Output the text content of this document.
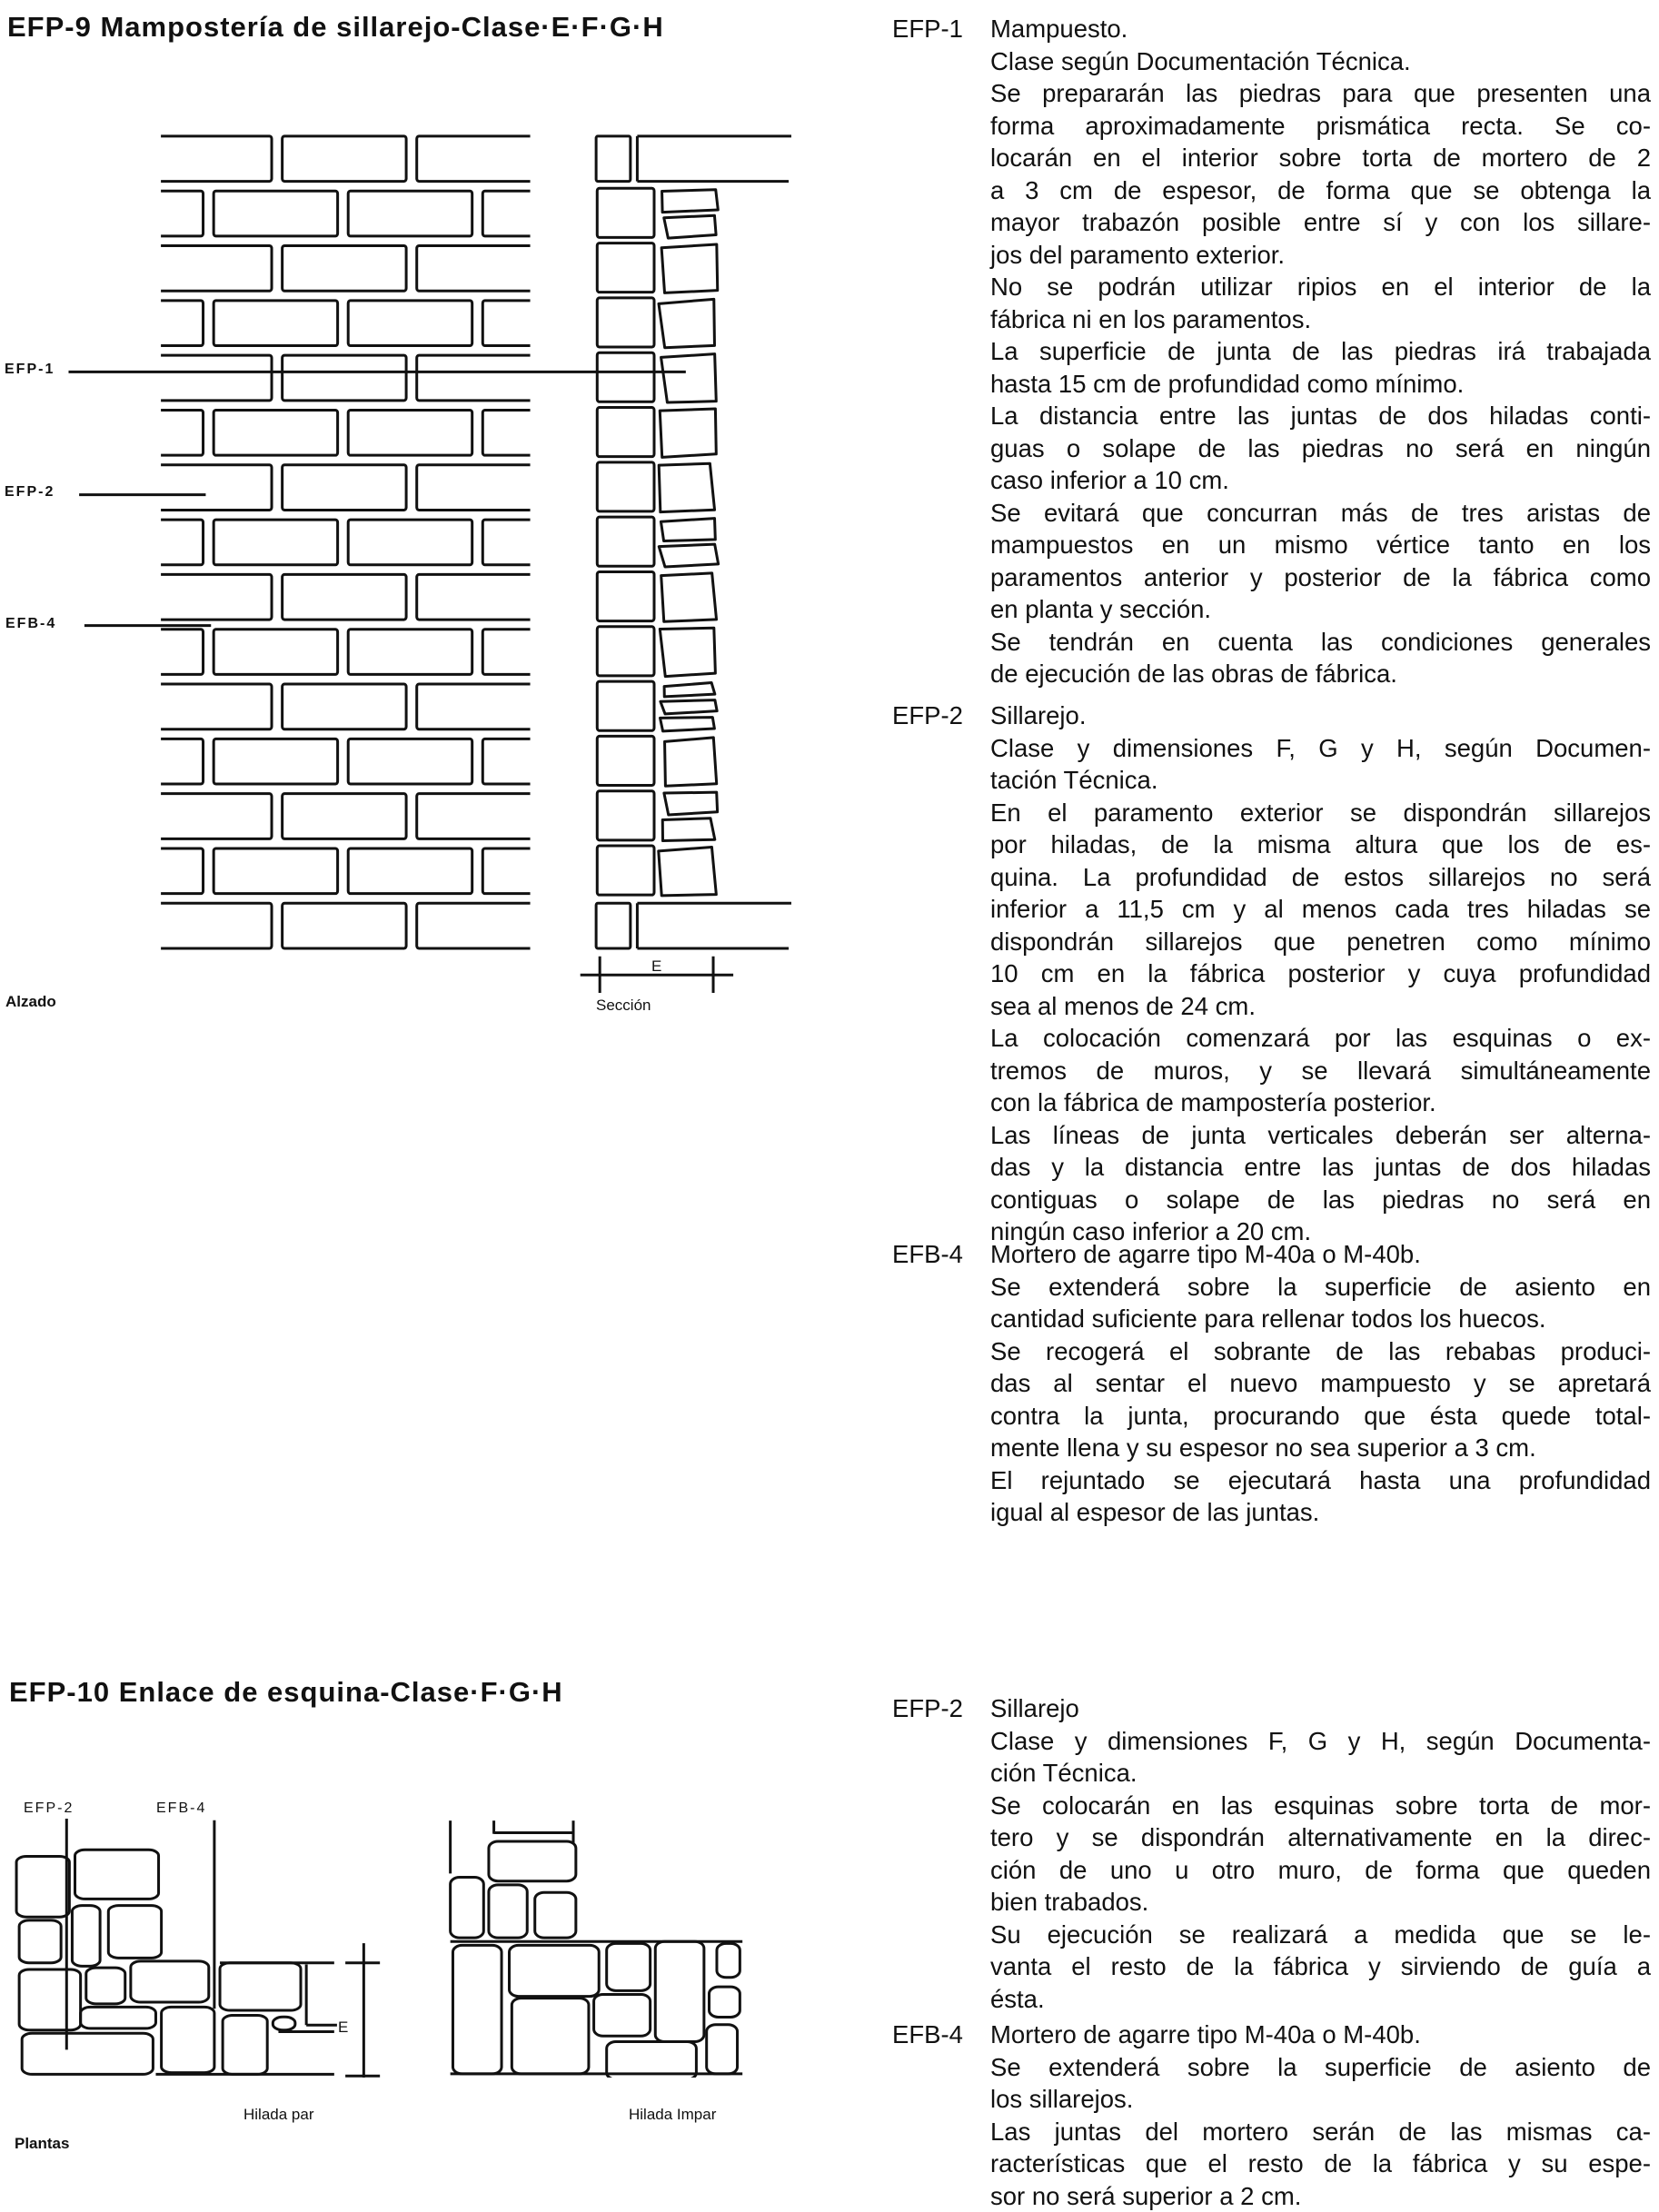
EFP-9 Mampostería de sillarejo-Clase·E·F·G·H
EFP-1
EFP-2
EFB-4
Alzado	Sección
E
EFP-10 Enlace de esquina-Clase·F·G·H
EFP-2	EFB-4
E
Hilada par	Hilada Impar
Plantas
EFP-1 Mampuesto.
Clase según Documentación Técnica.
Se prepararán las piedras para que presenten una
forma aproximadamente prismática recta. Se co-
locarán en el interior sobre torta de mortero de 2
a 3 cm de espesor, de forma que se obtenga la
mayor trabazón posible entre sí y con los sillare-
jos del paramento exterior.
No se podrán utilizar ripios en el interior de la
fábrica ni en los paramentos.
La superficie de junta de las piedras irá trabajada
hasta 15 cm de profundidad como mínimo.
La distancia entre las juntas de dos hiladas conti-
guas o solape de las piedras no será en ningún
caso inferior a 10 cm.
Se evitará que concurran más de tres aristas de
mampuestos en un mismo vértice tanto en los
paramentos anterior y posterior de la fábrica como
en planta y sección.
Se tendrán en cuenta las condiciones generales
de ejecución de las obras de fábrica.
EFP-2 Sillarejo.
Clase y dimensiones F, G y H, según Documen-
tación Técnica.
En el paramento exterior se dispondrán sillarejos
por hiladas, de la misma altura que los de es-
quina. La profundidad de estos sillarejos no será
inferior a 11,5 cm y al menos cada tres hiladas se
dispondrán sillarejos que penetren como mínimo
10 cm en la fábrica posterior y cuya profundidad
sea al menos de 24 cm.
La colocación comenzará por las esquinas o ex-
tremos de muros, y se llevará simultáneamente
con la fábrica de mampostería posterior.
Las líneas de junta verticales deberán ser alterna-
das y la distancia entre las juntas de dos hiladas
contiguas o solape de las piedras no será en
ningún caso inferior a 20 cm.
EFB-4 Mortero de agarre tipo M-40a o M-40b.
Se extenderá sobre la superficie de asiento en
cantidad suficiente para rellenar todos los huecos.
Se recogerá el sobrante de las rebabas produci-
das al sentar el nuevo mampuesto y se apretará
contra la junta, procurando que ésta quede total-
mente llena y su espesor no sea superior a 3 cm.
El rejuntado se ejecutará hasta una profundidad
igual al espesor de las juntas.
EFP-2 Sillarejo
Clase y dimensiones F, G y H, según Documenta-
ción Técnica.
Se colocarán en las esquinas sobre torta de mor-
tero y se dispondrán alternativamente en la direc-
ción de uno u otro muro, de forma que queden
bien trabados.
Su ejecución se realizará a medida que se le-
vanta el resto de la fábrica y sirviendo de guía a
ésta.
EFB-4 Mortero de agarre tipo M-40a o M-40b.
Se extenderá sobre la superficie de asiento de
los sillarejos.
Las juntas del mortero serán de las mismas ca-
racterísticas que el resto de la fábrica y su espe-
sor no será superior a 2 cm.
